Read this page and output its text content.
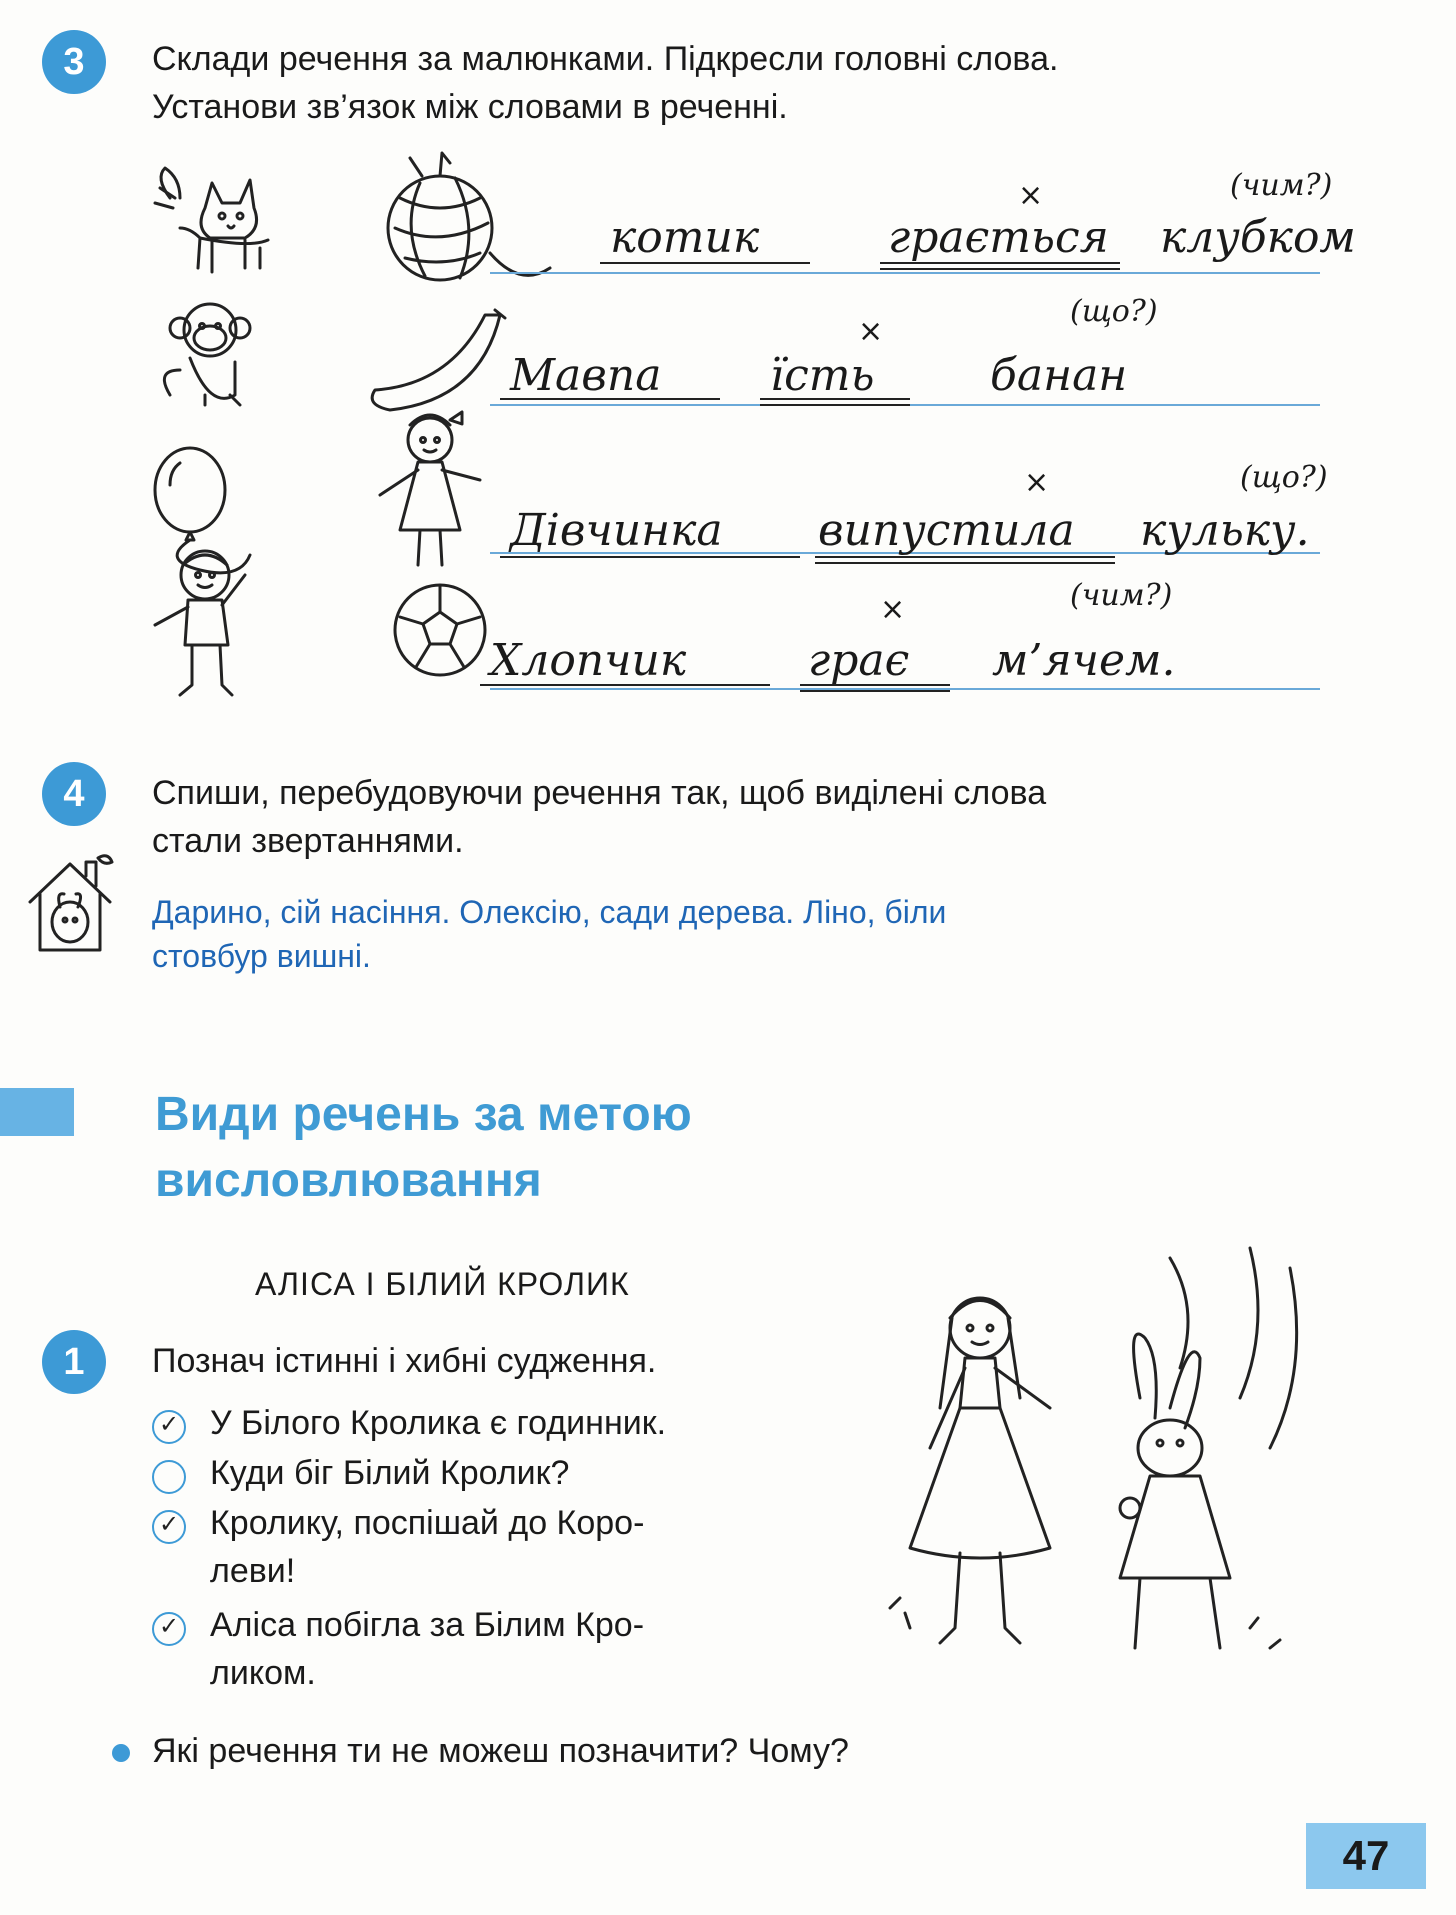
3 Склади речення за малюнками. Підкресли головні слова.
Установи зв’язок між словами в реченні.
(чим?)
×
котик	грається клубком
(що?)
×
Мавпа їсть	банан
(що?)
×
Дівчинка випустила кульку.
(чим?)
×
Хлопчик	грає м’ячем.
4 Спиши, перебудовуючи речення так, щоб виділені слова
стали звертаннями.
Дарино, сій насіння. Олексію, сади дерева. Ліно, біли
стовбур вишні.
Види речень за метою
висловлювання
АЛІСА І БІЛИЙ КРОЛИК
1 Познач істинні і хибні судження.
✓ У Білого Кролика є годинник.
Куди біг Білий Кролик?
✓ Кролику, поспішай до Коро-
леви!
✓ Аліса побігла за Білим Кро-
ликом.
Які речення ти не можеш позначити? Чому?
47
